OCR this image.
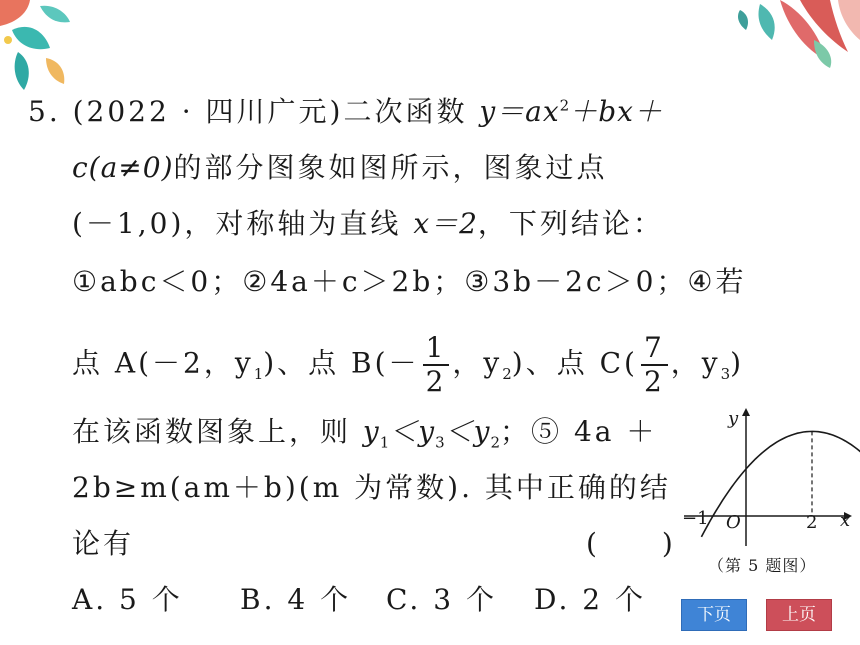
5. (2022 · 四川广元)二次函数 $y=ax^2+bx+$
c(a≠0)的部分图象如图所示，图象过点
(－1,0)，对称轴为直线 x＝2，下列结论：
①abc＜0；②4a＋c＞2b；③3b－2c＞0；④若
点 A(－2，$y_1$)、点 $B(- \frac{1}{2}$ ，$y_2$)、点 $C( \frac{7}{2}$ ，$y_3$)
在该函数图象上，则 $y_1<y_3<y_2$；⑤ 4a ＋
2b≥m(am＋b)(m 为常数). 其中正确的结
论有	(　　)
A. 5 个 B. 4 个 C. 3 个 D. 2 个
y
x
O
−1	2
（第 5 题图）
下页	上页
